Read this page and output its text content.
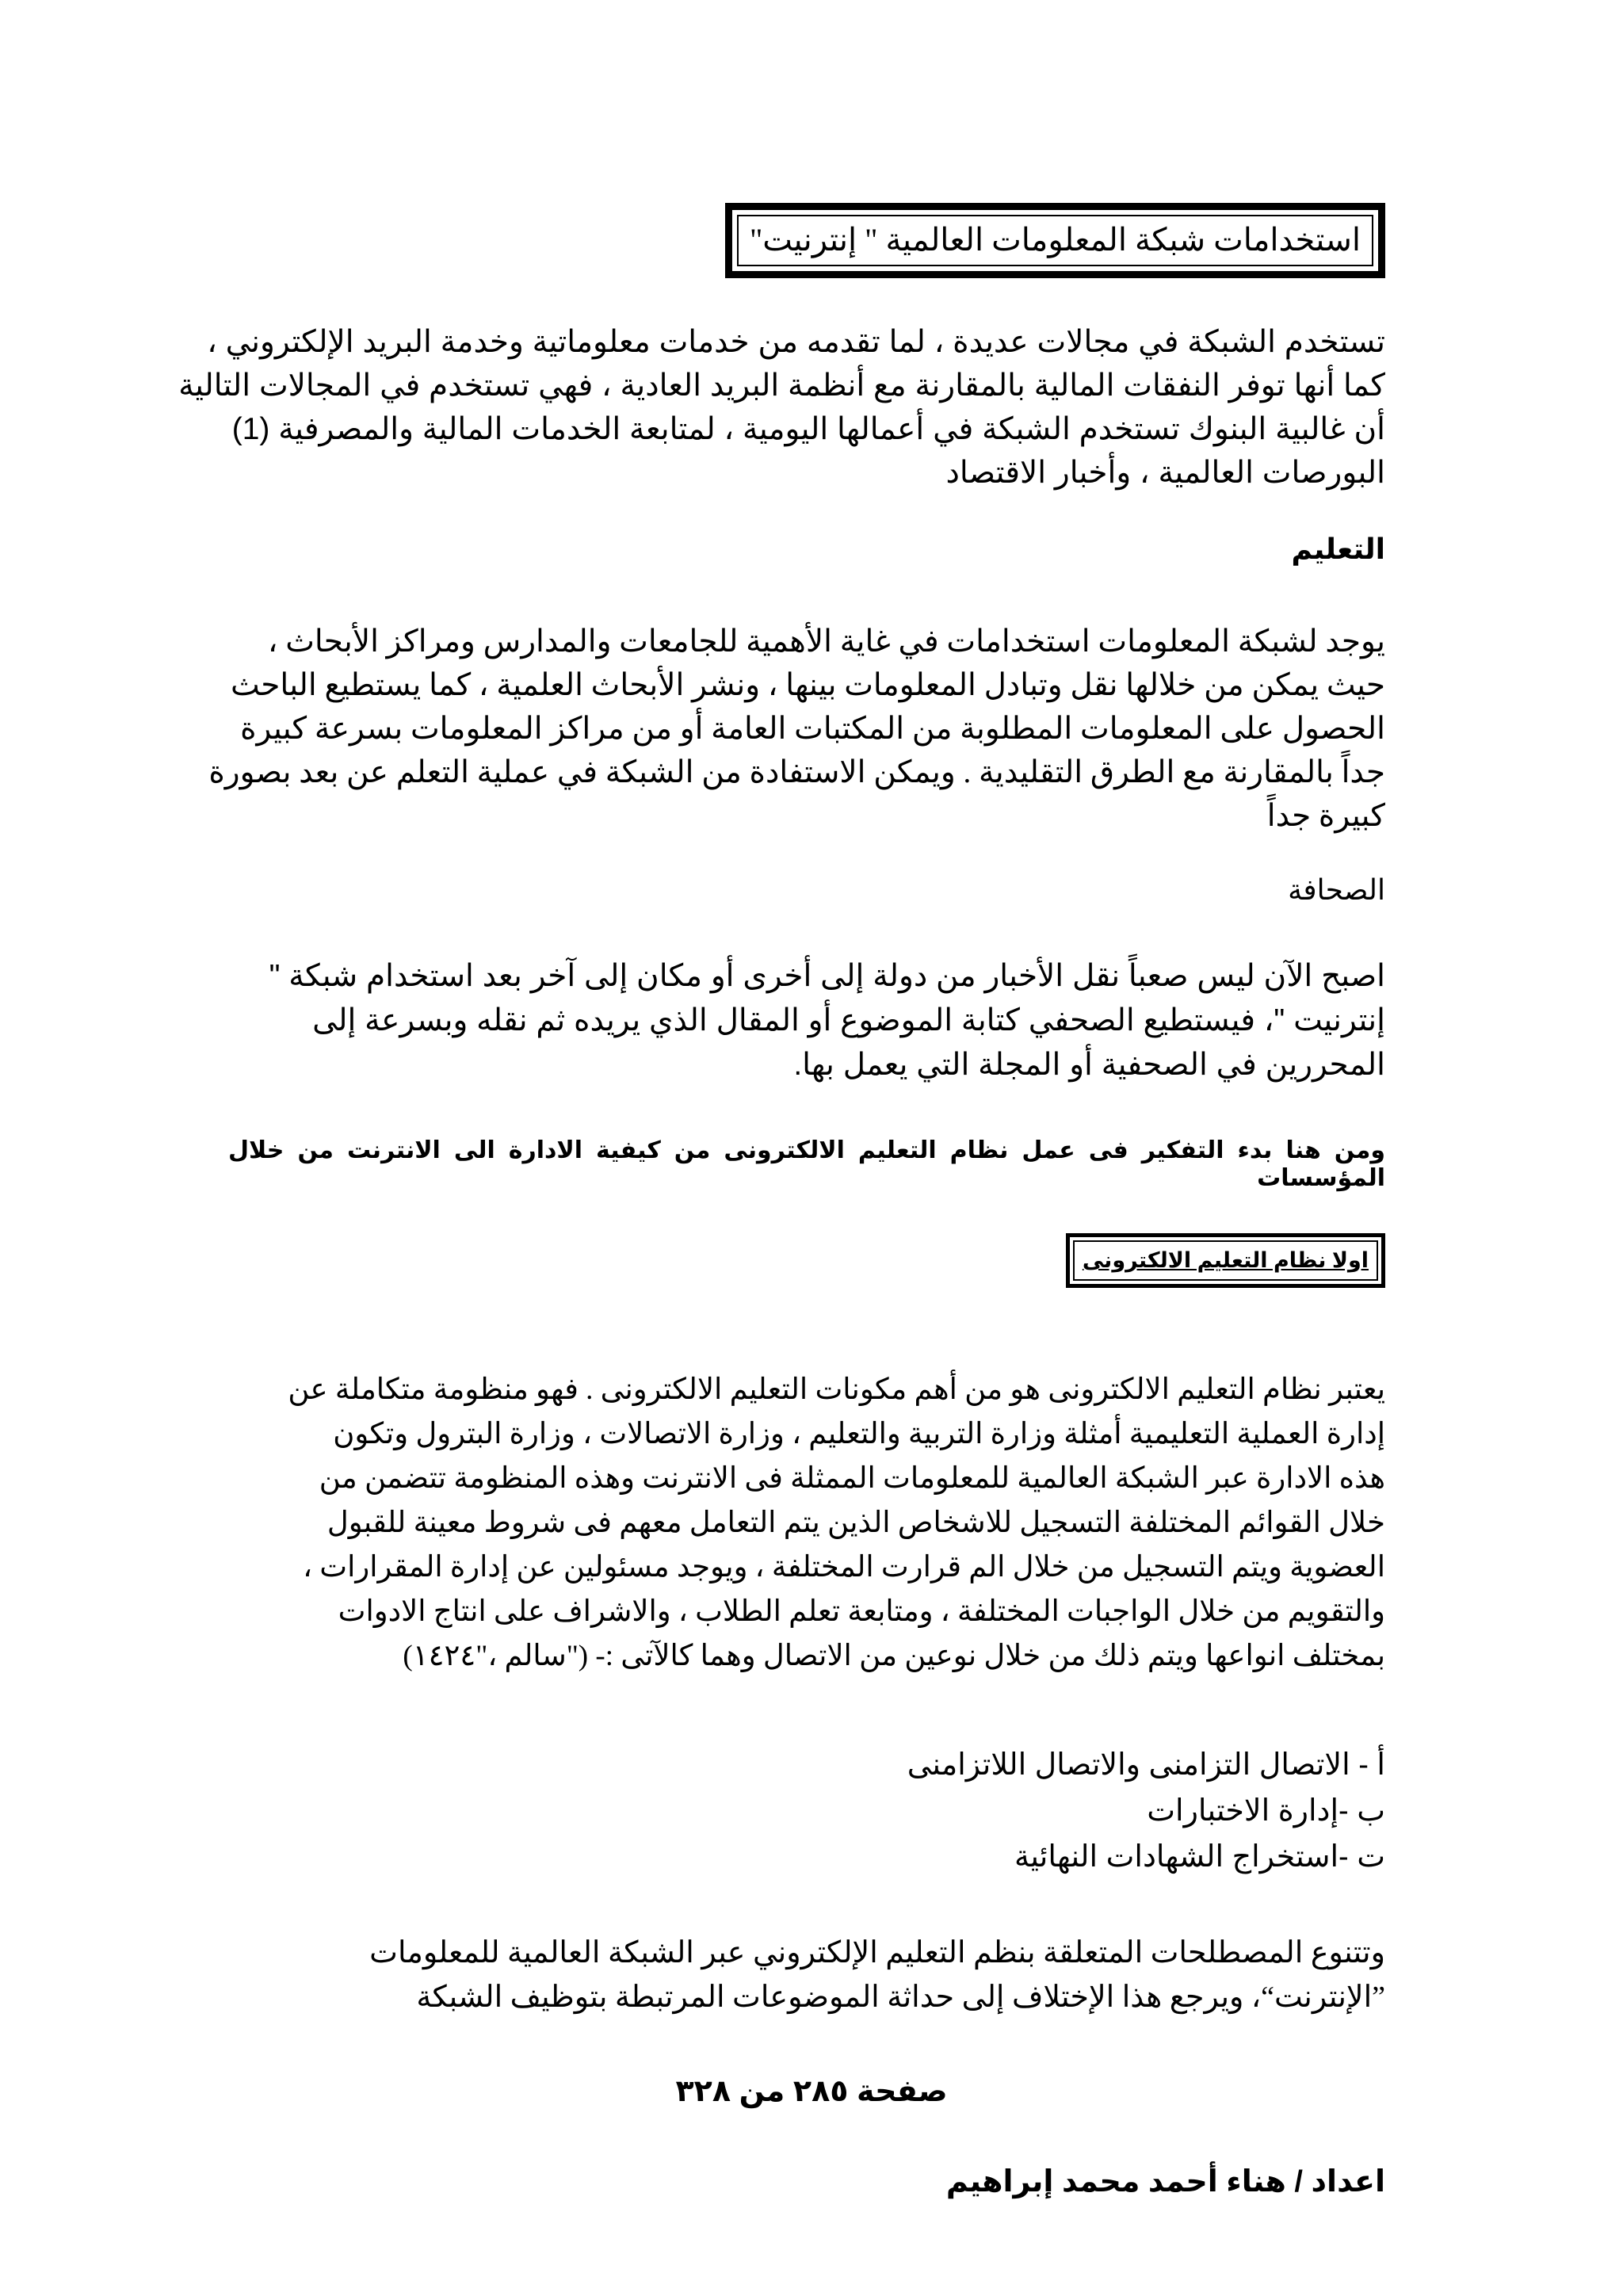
استخدامات شبكة المعلومات العالمية " إنترنيت"
تستخدم الشبكة في مجالات عديدة ، لما تقدمه من خدمات معلوماتية وخدمة البريد الإلكتروني ،
كما أنها توفر النفقات المالية بالمقارنة مع أنظمة البريد العادية ، فهي تستخدم في المجالات التالية
أن غالبية البنوك تستخدم الشبكة في أعمالها اليومية ، لمتابعة الخدمات المالية والمصرفية (1)
البورصات العالمية ، وأخبار الاقتصاد
التعليم
يوجد لشبكة المعلومات استخدامات في غاية الأهمية للجامعات والمدارس ومراكز الأبحاث ،
حيث يمكن من خلالها نقل وتبادل المعلومات بينها ، ونشر الأبحاث العلمية ، كما يستطيع الباحث
الحصول على المعلومات المطلوبة من المكتبات العامة أو من مراكز المعلومات بسرعة كبيرة
جداً بالمقارنة مع الطرق التقليدية . ويمكن الاستفادة من الشبكة في عملية التعلم عن بعد بصورة
كبيرة جداً
الصحافة
اصبح الآن ليس صعباً نقل الأخبار من دولة إلى أخرى أو مكان إلى آخر بعد استخدام شبكة "
إنترنيت "، فيستطيع الصحفي كتابة الموضوع أو المقال الذي يريده ثم نقله وبسرعة إلى
المحررين في الصحفية أو المجلة التي يعمل بها.
ومن هنا بدء التفكير فى عمل نظام التعليم الالكترونى من كيفية الادارة الى الانترنت من خلال المؤسسات
اولا نظام التعليم الالكترونى
يعتبر نظام التعليم الالكترونى هو من أهم مكونات التعليم الالكترونى . فهو منظومة متكاملة عن
إدارة العملية التعليمية أمثلة وزارة التربية والتعليم ، وزارة الاتصالات ، وزارة البترول وتكون
هذه الادارة عبر الشبكة العالمية للمعلومات الممثلة فى الانترنت وهذه المنظومة تتضمن من
خلال القوائم المختلفة التسجيل للاشخاص الذين يتم التعامل معهم فى شروط معينة للقبول
العضوية ويتم التسجيل من خلال الم قرارت المختلفة ، ويوجد مسئولين عن إدارة المقرارات ،
والتقويم من خلال الواجبات المختلفة ، ومتابعة تعلم الطلاب ، والاشراف على انتاج الادوات
بمختلف انواعها ويتم ذلك من خلال نوعين من الاتصال وهما كالآتى :- ("سالم ،"١٤٢٤)
أ - الاتصال التزامنى والاتصال اللاتزامنى
ب -إدارة الاختبارات
ت -استخراج الشهادات النهائية
وتتنوع المصطلحات المتعلقة بنظم التعليم الإلكتروني عبر الشبكة العالمية للمعلومات
”الإنترنت“، ويرجع هذا الإختلاف إلى حداثة الموضوعات المرتبطة بتوظيف الشبكة
صفحة ٢٨٥ من ٣٢٨
اعداد / هناء أحمد محمد إبراهيم
